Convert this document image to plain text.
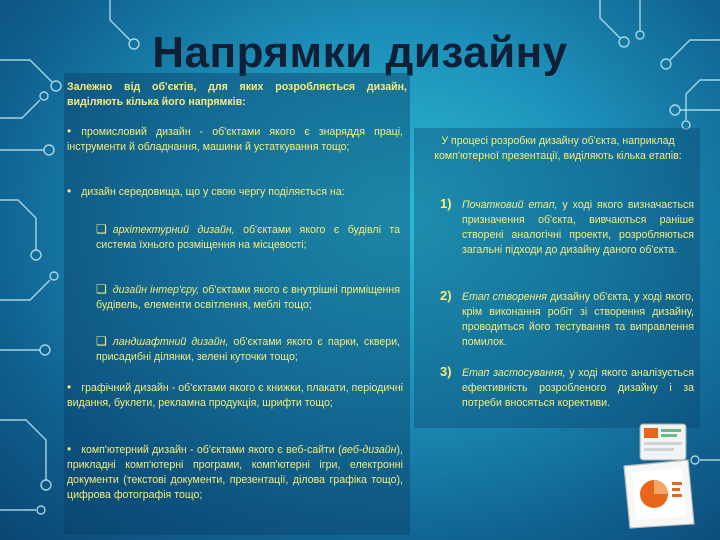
Напрямки дизайну
Залежно від об'єктів, для яких розробляється дизайн, виділяють кілька його напрямків:
• промисловий дизайн - об'єктами якого є знаряддя праці, інструменти й обладнання, машини й устаткування тощо;
• дизайн середовища, що у свою чергу поділяється на:
❑ архітектурний дизайн, об'єктами якого є будівлі та система їхнього розміщення на місцевості;
❑ дизайн інтер'єру, об'єктами якого є внутрішні приміщення будівель, елементи освітлення, меблі тощо;
❑ ландшафтний дизайн, об'єктами якого є парки, сквери, присадибні ділянки, зелені куточки тощо;
• графічний дизайн - об'єктами якого є книжки, плакати, періодичні видання, буклети, рекламна продукція, шрифти тощо;
• комп'ютерний дизайн - об'єктами якого є веб-сайти (веб-дизайн), прикладні комп'ютерні програми, комп'ютерні ігри, електронні документи (текстові документи, презентації, ділова графіка тощо), цифрова фотографія тощо;
У процесі розробки дизайну об'єкта, наприклад комп'ютерної презентації, виділяють кілька етапів:
1) Початковий етап, у ході якого визначається призначення об'єкта, вивчаються раніше створені аналогічні проекти, розробляються загальні підходи до дизайну даного об'єкта.
2) Етап створення дизайну об'єкта, у ході якого, крім виконання робіт зі створення дизайну, проводиться його тестування та виправлення помилок.
3) Етап застосування, у ході якого аналізується ефективність розробленого дизайну і за потреби вносяться корективи.
